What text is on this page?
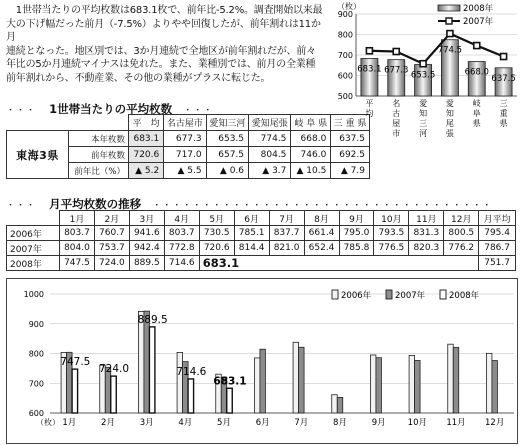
　1世帯当たりの平均枚数は683.1枚で、前年比-5.2%。調査開始以来最
大の下げ幅だった前月（-7.5%）よりやや回復したが、前年割れは11か月
連続となった。地区別では、3か月連続で全地区が前年割れだが、前々
年比の5か月連続マイナスは免れた。また、業種別では、前月の全業種
前年割れから、不動産業、その他の業種がプラスに転じた。
・・・ 1世帯当たりの平均枚数 ・・・
		平　均	名古屋市	愛知三河	愛知尾張	岐 阜 県	三 重 県
東海3県	本年枚数	683.1	677.3	653.5	774.5	668.0	637.5
	前年枚数	720.6	717.0	657.5	804.5	746.0	692.5
	前年比（%）	▲ 5.2	▲ 5.5	▲ 0.6	▲ 3.7	▲ 10.5	▲ 7.9
（枚）
500
600
700
800
900
683.1
平均
677.3
名古屋市
653.5
愛知三河
774.5
愛知尾張
668.0
岐阜県
637.5
三重県
2008年
2007年
・・・ 月平均枚数の推移 ・・・・・・・・・・・・・・・・・・・・・・・・・・・・・・・・・・
	1月	2月	3月	4月	5月	6月	7月	8月	9月	10月	11月	12月	月平均
2006年	803.7	760.7	941.6	803.7	730.5	785.1	837.7	661.4	795.0	793.5	831.3	800.5	795.4
2007年	804.0	753.7	942.4	772.8	720.6	814.4	821.0	652.4	785.8	776.5	820.3	776.2	786.7
2008年	747.5	724.0	889.5	714.6	683.1								751.7
600
700
800
900
1000
（枚） 1月	2月	3月	4月	5月	6月	7月	8月	9月	10月 11月 12月
747.5
724.0
889.5
714.6
683.1
2006年	2007年	2008年
